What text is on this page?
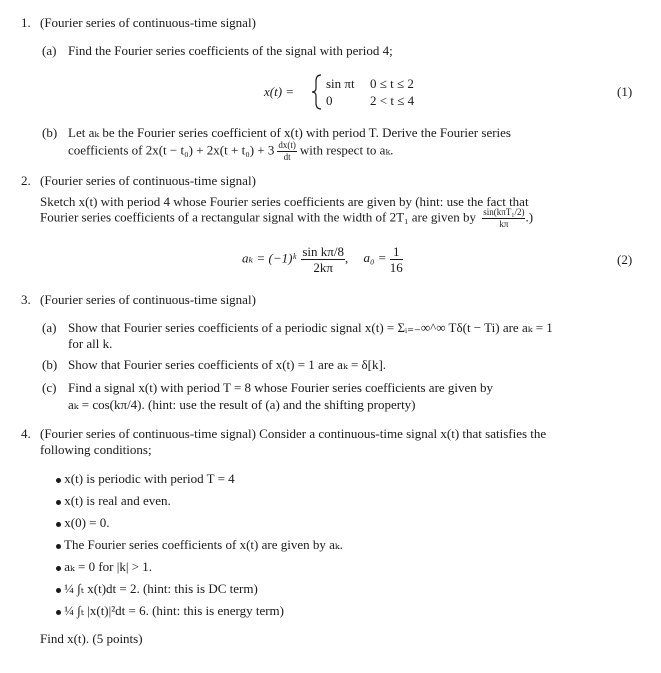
1. (Fourier series of continuous-time signal)
(a) Find the Fourier series coefficients of the signal with period 4;
x(t) =
sin πt 0 ≤ t ≤ 2
0	2 < t ≤ 4
(1)
(b) Let aₖ be the Fourier series coefficient of x(t) with period T. Derive the Fourier series
coefficients of $2x(t - t_0) + 2x(t + t_0) + 3 \frac{dx(t)}{dt}$ with respect to aₖ.
2. (Fourier series of continuous-time signal)
Sketch x(t) with period 4 whose Fourier series coefficients are given by (hint: use the fact that
Fourier series coefficients of a rectangular signal with the width of 2T₁ are given by $\frac{\text{sin(kπT₁/2)}}{k\pi}$ .)
aₖ = (−1)ᵏ $\frac{\text{sin kπ/8}}{2k\pi}$ , $a_0 = \frac{1}{16}$	(2)
3. (Fourier series of continuous-time signal)
(a) Show that Fourier series coefficients of a periodic signal x(t) = Σᵢ₌₋∞^∞ Tδ(t − Ti) are aₖ = 1
for all k.
(b) Show that Fourier series coefficients of x(t) = 1 are aₖ = δ[k].
(c) Find a signal x(t) with period T = 8 whose Fourier series coefficients are given by
aₖ = cos(kπ/4). (hint: use the result of (a) and the shifting property)
4. (Fourier series of continuous-time signal) Consider a continuous-time signal x(t) that satisfies the
following conditions;
x(t) is periodic with period T = 4
x(t) is real and even.
x(0) = 0.
The Fourier series coefficients of x(t) are given by aₖ.
aₖ = 0 for |k| > 1.
¼ ∫ₜ x(t)dt = 2. (hint: this is DC term)
¼ ∫ₜ |x(t)|²dt = 6. (hint: this is energy term)
Find x(t). (5 points)
